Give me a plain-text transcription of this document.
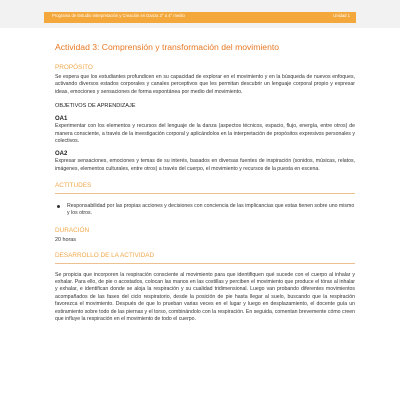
Programa de Estudio Interpretación y Creación en Danza 3° a 4° medio	Unidad 1
Actividad 3: Comprensión y transformación del movimiento
PROPÓSITO

Se espera que los estudiantes profundicen en su capacidad de explorar en el movimiento y en la búsqueda de nuevos enfoques, activando diversos estados corporales y canales perceptivos que les permitan descubrir un lenguaje corporal propio y expresar ideas, emociones y sensaciones de forma espontánea por medio del movimiento.

OBJETIVOS DE APRENDIZAJE
OA1

Experimentar con los elementos y recursos del lenguaje de la danza (aspectos técnicos, espacio, flujo, energía, entre otros) de manera consciente, a través de la investigación corporal y aplicándolos en la interpretación de propósitos expresivos personales y colectivos.

OA2

Expresar sensaciones, emociones y temas de su interés, basados en diversas fuentes de inspiración (sonidos, músicas, relatos, imágenes, elementos culturales, entre otros) a través del cuerpo, el movimiento y recursos de la puesta en escena.

ACTITUDES
Responsabilidad por las propias acciones y decisiones con conciencia de las implicancias que estas tienen sobre uno mismo y los otros.
DURACIÓN

20 horas

DESARROLLO DE LA ACTIVIDAD

Se propicia que incorporen la respiración consciente al movimiento para que identifiquen qué sucede con el cuerpo al inhalar y exhalar. Para ello, de pie o acostados, colocan las manos en las costillas y perciben el movimiento que produce el tórax al inhalar y exhalar, e identifican donde se aloja la respiración y su cualidad tridimensional. Luego van probando diferentes movimientos acompañados de las fases del ciclo respiratorio, desde la posición de pie hasta llegar al suelo, buscando que la respiración favorezca el movimiento. Después de que lo prueban varias veces en el lugar y luego en desplazamiento, el docente guía un estiramiento sobre todo de las piernas y el torso, combinándolo con la respiración. En seguida, comentan brevemente cómo creen que influye la respiración en el movimiento de todo el cuerpo.
